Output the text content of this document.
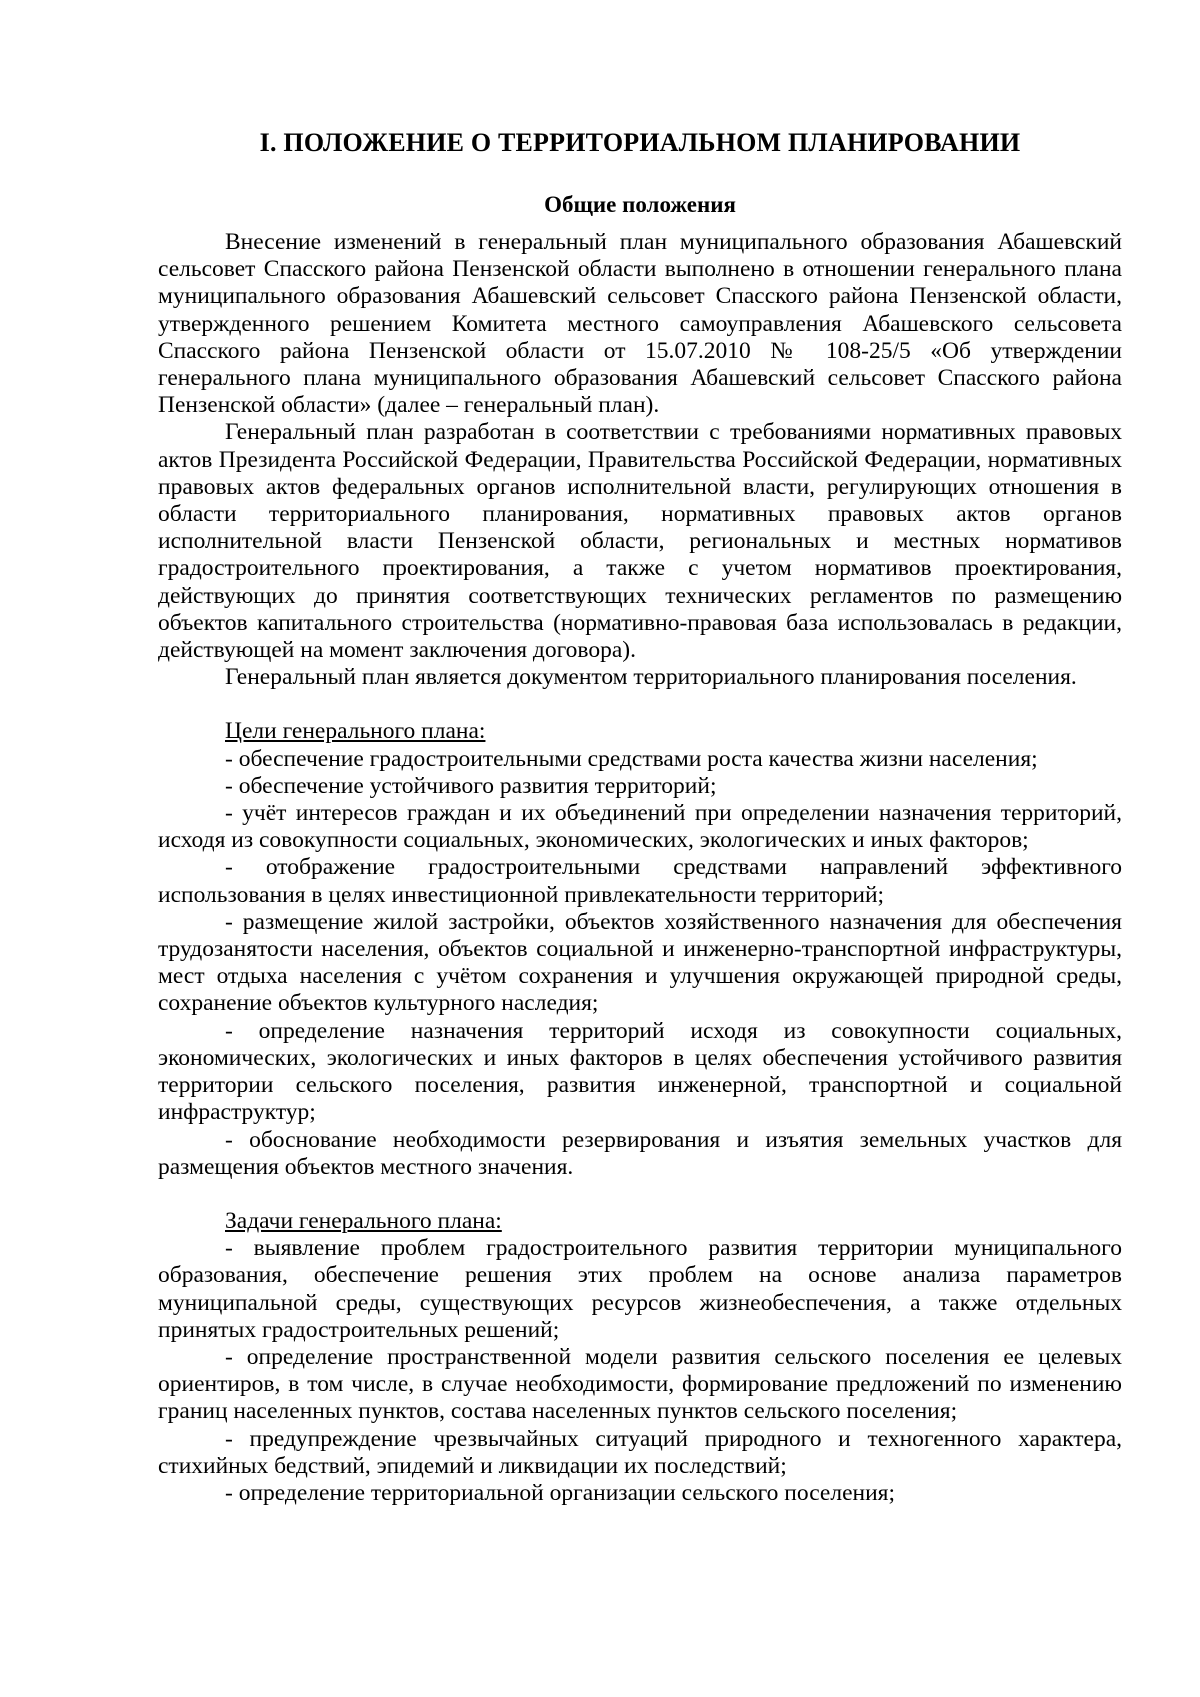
I. ПОЛОЖЕНИЕ О ТЕРРИТОРИАЛЬНОМ ПЛАНИРОВАНИИ
Общие положения

Внесение изменений в генеральный план муниципального образования Абашевский сельсовет Спасского района Пензенской области выполнено в отношении генерального плана муниципального образования Абашевский сельсовет Спасского района Пензенской области, утвержденного решением Комитета местного самоуправления Абашевского сельсовета Спасского района Пензенской области от 15.07.2010 № 108-25/5 «Об утверждении генерального плана муниципального образования Абашевский сельсовет Спасского района Пензенской области» (далее – генеральный план).

Генеральный план разработан в соответствии с требованиями нормативных правовых актов Президента Российской Федерации, Правительства Российской Федерации, нормативных правовых актов федеральных органов исполнительной власти, регулирующих отношения в области территориального планирования, нормативных правовых актов органов исполнительной власти Пензенской области, региональных и местных нормативов градостроительного проектирования, а также с учетом нормативов проектирования, действующих до принятия соответствующих технических регламентов по размещению объектов капитального строительства (нормативно-правовая база использовалась в редакции, действующей на момент заключения договора).

Генеральный план является документом территориального планирования поселения.

Цели генерального плана:

- обеспечение градостроительными средствами роста качества жизни населения;

- обеспечение устойчивого развития территорий;

- учёт интересов граждан и их объединений при определении назначения территорий, исходя из совокупности социальных, экономических, экологических и иных факторов;

- отображение градостроительными средствами направлений эффективного использования в целях инвестиционной привлекательности территорий;

- размещение жилой застройки, объектов хозяйственного назначения для обеспечения трудозанятости населения, объектов социальной и инженерно-транспортной инфраструктуры, мест отдыха населения с учётом сохранения и улучшения окружающей природной среды, сохранение объектов культурного наследия;

- определение назначения территорий исходя из совокупности социальных, экономических, экологических и иных факторов в целях обеспечения устойчивого развития территории сельского поселения, развития инженерной, транспортной и социальной инфраструктур;

- обоснование необходимости резервирования и изъятия земельных участков для размещения объектов местного значения.

Задачи генерального плана:

- выявление проблем градостроительного развития территории муниципального образования, обеспечение решения этих проблем на основе анализа параметров муниципальной среды, существующих ресурсов жизнеобеспечения, а также отдельных принятых градостроительных решений;

- определение пространственной модели развития сельского поселения ее целевых ориентиров, в том числе, в случае необходимости, формирование предложений по изменению границ населенных пунктов, состава населенных пунктов сельского поселения;

- предупреждение чрезвычайных ситуаций природного и техногенного характера, стихийных бедствий, эпидемий и ликвидации их последствий;

- определение территориальной организации сельского поселения;
